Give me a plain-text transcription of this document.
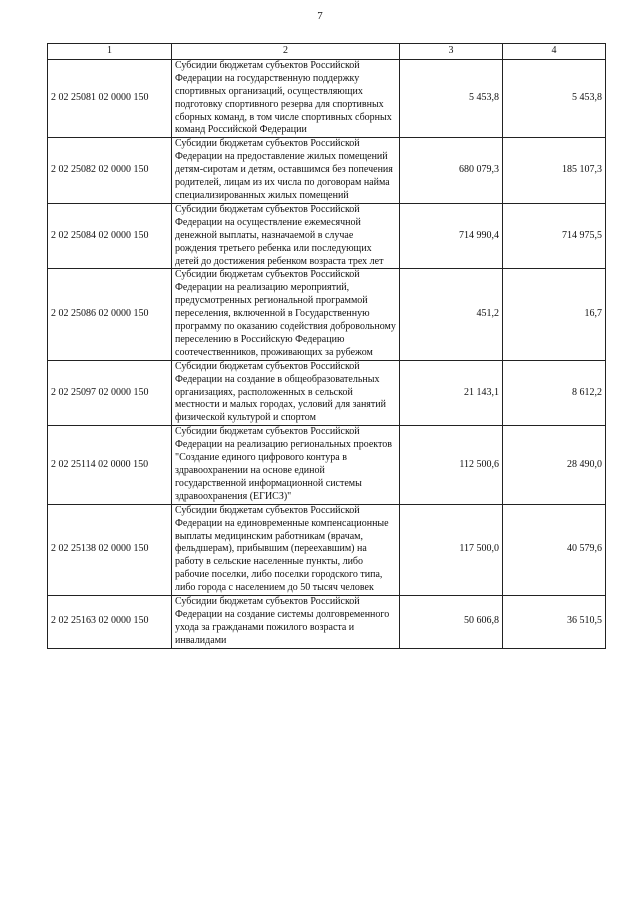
7
1	2	3	4
2 02 25081 02 0000 150	Субсидии бюджетам субъектов Российской Федерации на государственную поддержку спортивных организаций, осуществляющих подготовку спортивного резерва для спортивных сборных команд, в том числе спортивных сборных команд Российской Федерации	5 453,8	5 453,8
2 02 25082 02 0000 150	Субсидии бюджетам субъектов Российской Федерации на предоставление жилых помещений детям-сиротам и детям, оставшимся без попечения родителей, лицам из их числа по договорам найма специализированных жилых помещений	680 079,3	185 107,3
2 02 25084 02 0000 150	Субсидии бюджетам субъектов Российской Федерации на осуществление ежемесячной денежной выплаты, назначаемой в случае рождения третьего ребенка или последующих детей до достижения ребенком возраста трех лет	714 990,4	714 975,5
2 02 25086 02 0000 150	Субсидии бюджетам субъектов Российской Федерации на реализацию мероприятий, предусмотренных региональной программой переселения, включенной в Государственную программу по оказанию содействия добровольному переселению в Российскую Федерацию соотечественников, проживающих за рубежом	451,2	16,7
2 02 25097 02 0000 150	Субсидии бюджетам субъектов Российской Федерации на создание в общеобразовательных организациях, расположенных в сельской местности и малых городах, условий для занятий физической культурой и спортом	21 143,1	8 612,2
2 02 25114 02 0000 150	Субсидии бюджетам субъектов Российской Федерации на реализацию региональных проектов "Создание единого цифрового контура в здравоохранении на основе единой государственной информационной системы здравоохранения (ЕГИСЗ)"	112 500,6	28 490,0
2 02 25138 02 0000 150	Субсидии бюджетам субъектов Российской Федерации на единовременные компенсационные выплаты медицинским работникам (врачам, фельдшерам), прибывшим (переехавшим) на работу в сельские населенные пункты, либо рабочие поселки, либо поселки городского типа, либо города с населением до 50 тысяч человек	117 500,0	40 579,6
2 02 25163 02 0000 150	Субсидии бюджетам субъектов Российской Федерации на создание системы долговременного ухода за гражданами пожилого возраста и инвалидами	50 606,8	36 510,5
